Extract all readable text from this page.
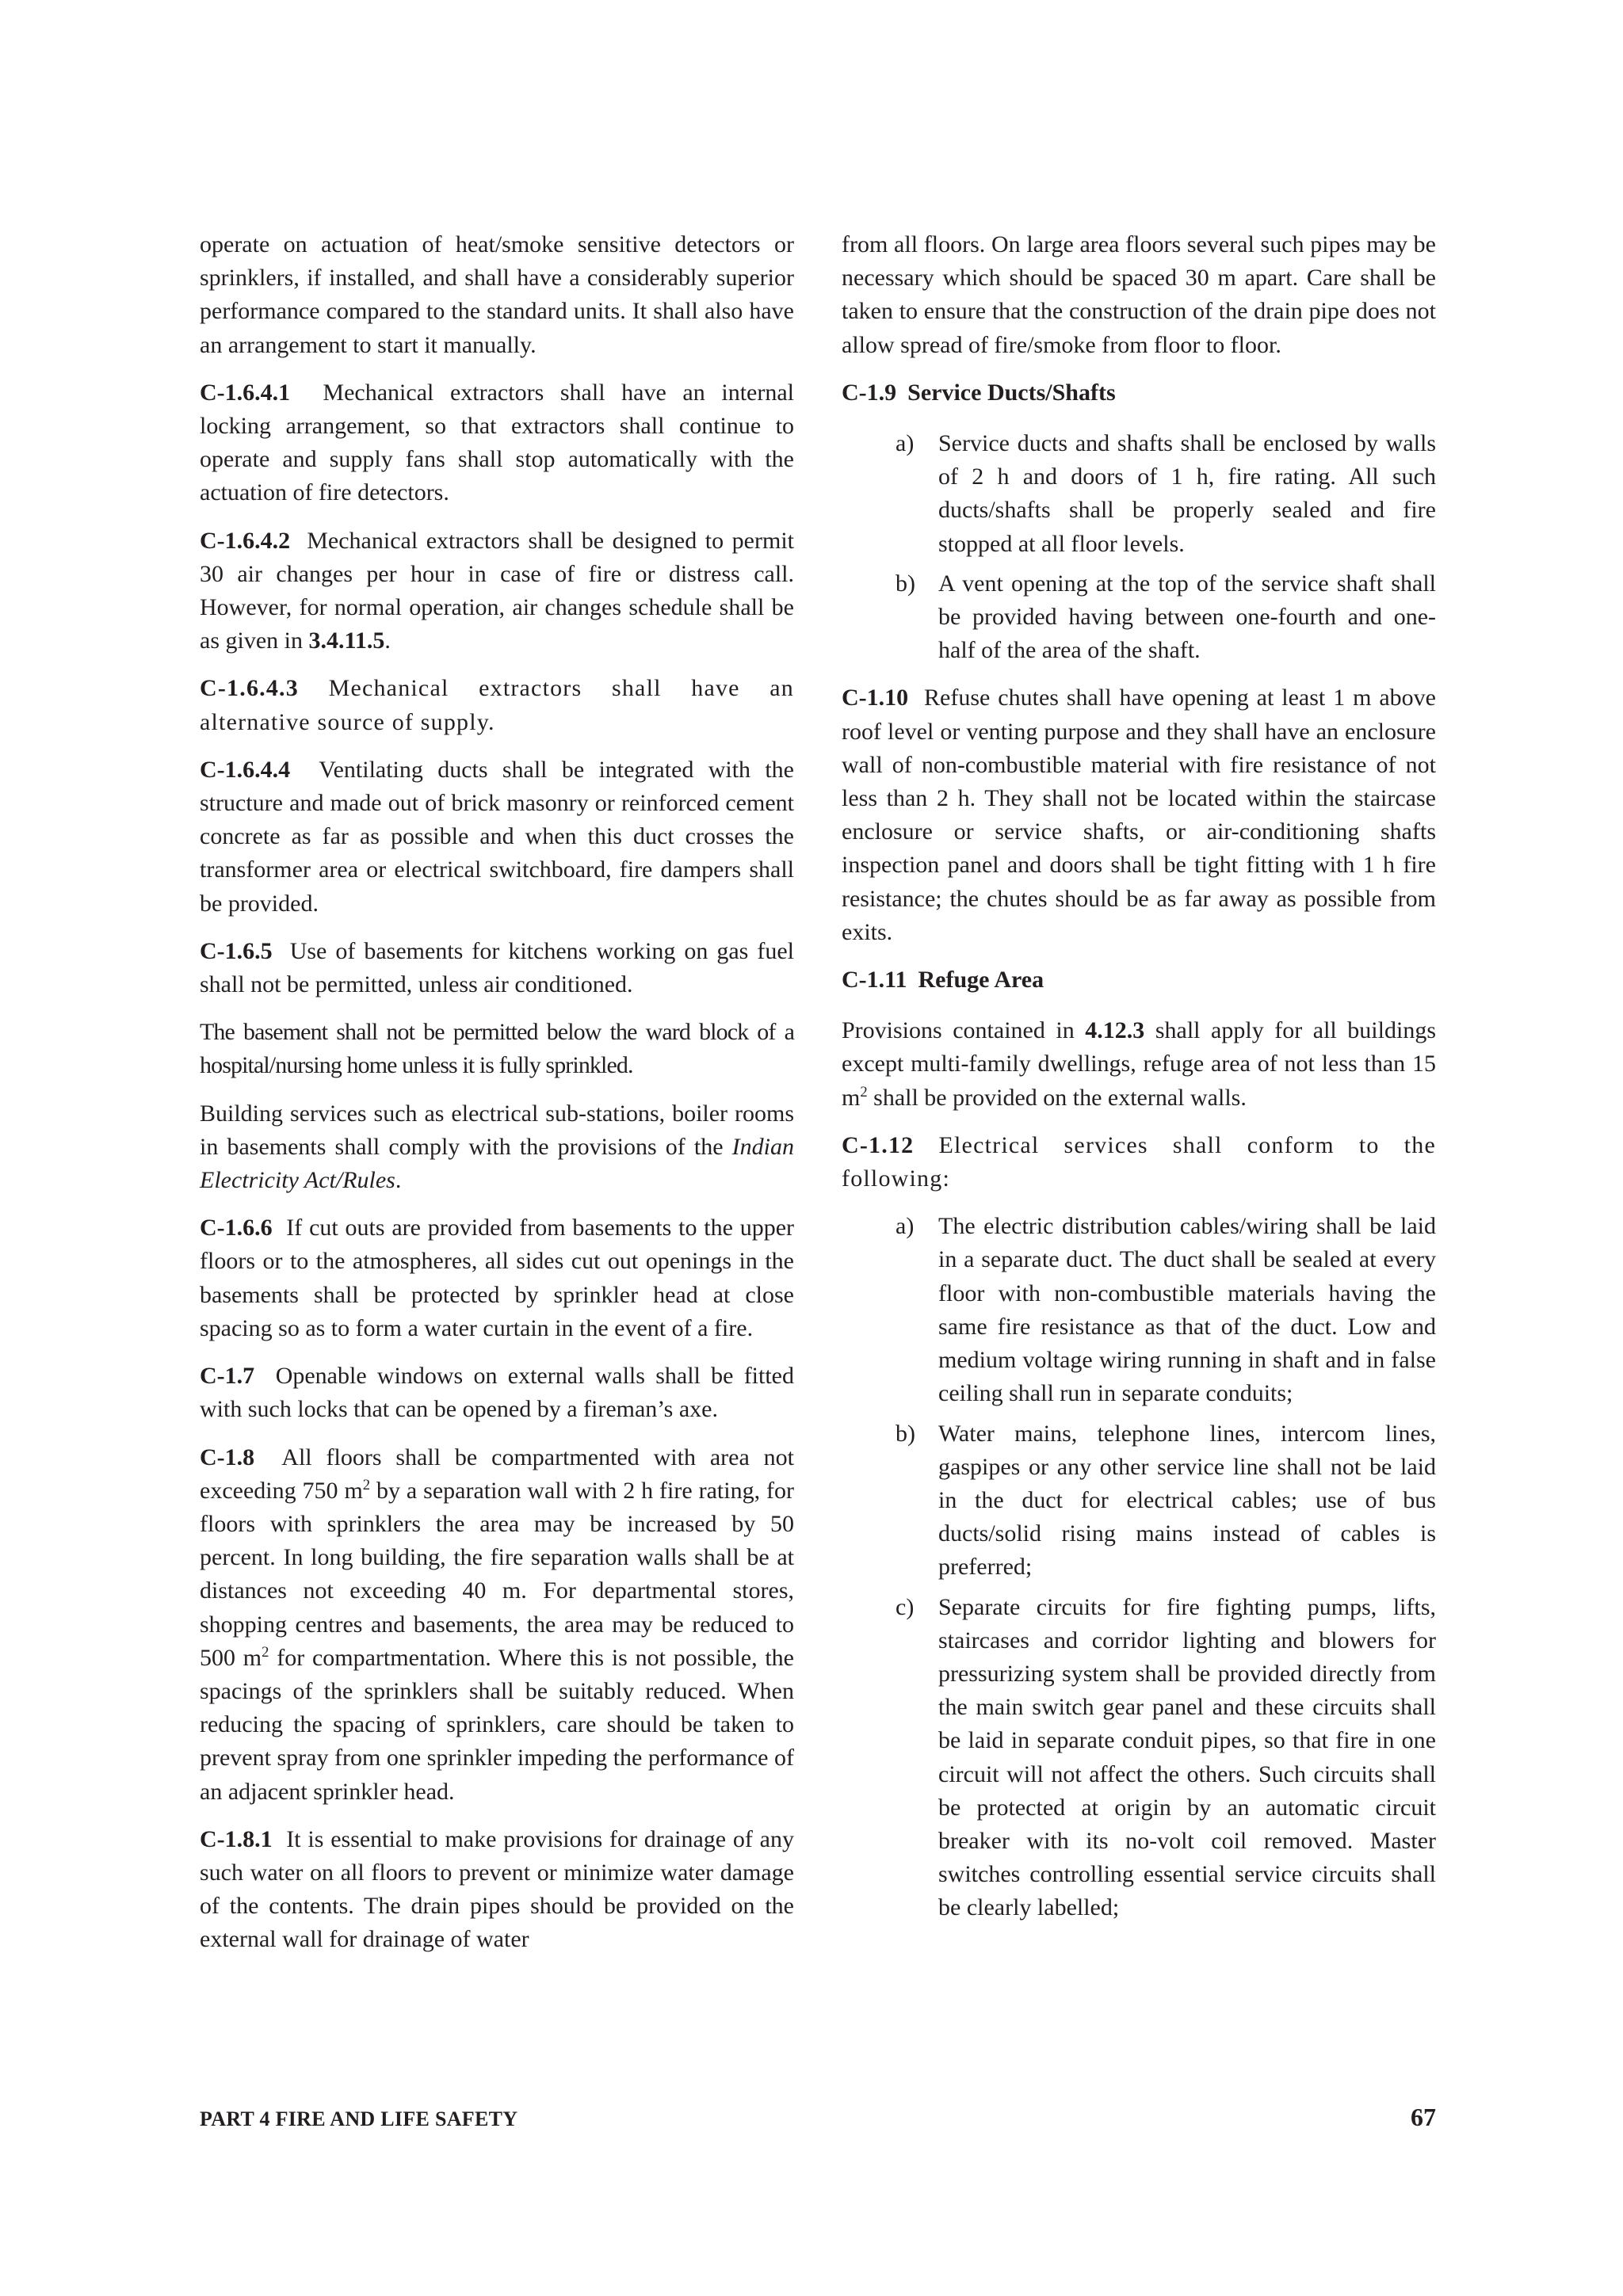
operate on actuation of heat/smoke sensitive detectors or sprinklers, if installed, and shall have a considerably superior performance compared to the standard units. It shall also have an arrangement to start it manually.

C-1.6.4.1 Mechanical extractors shall have an internal locking arrangement, so that extractors shall continue to operate and supply fans shall stop automatically with the actuation of fire detectors.

C-1.6.4.2 Mechanical extractors shall be designed to permit 30 air changes per hour in case of fire or distress call. However, for normal operation, air changes schedule shall be as given in 3.4.11.5.

C-1.6.4.3 Mechanical extractors shall have an alternative source of supply.

C-1.6.4.4 Ventilating ducts shall be integrated with the structure and made out of brick masonry or reinforced cement concrete as far as possible and when this duct crosses the transformer area or electrical switchboard, fire dampers shall be provided.

C-1.6.5 Use of basements for kitchens working on gas fuel shall not be permitted, unless air conditioned.

The basement shall not be permitted below the ward block of a hospital/nursing home unless it is fully sprinkled.

Building services such as electrical sub-stations, boiler rooms in basements shall comply with the provisions of the Indian Electricity Act/Rules.

C-1.6.6 If cut outs are provided from basements to the upper floors or to the atmospheres, all sides cut out openings in the basements shall be protected by sprinkler head at close spacing so as to form a water curtain in the event of a fire.

C-1.7 Openable windows on external walls shall be fitted with such locks that can be opened by a fireman’s axe.

C-1.8 All floors shall be compartmented with area not exceeding 750 $m^2$ by a separation wall with 2 h fire rating, for floors with sprinklers the area may be increased by 50 percent. In long building, the fire separation walls shall be at distances not exceeding 40 m. For departmental stores, shopping centres and basements, the area may be reduced to 500 $m^2$ for compartmentation. Where this is not possible, the spacings of the sprinklers shall be suitably reduced. When reducing the spacing of sprinklers, care should be taken to prevent spray from one sprinkler impeding the performance of an adjacent sprinkler head.

C-1.8.1 It is essential to make provisions for drainage of any such water on all floors to prevent or minimize water damage of the contents. The drain pipes should be provided on the external wall for drainage of water

from all floors. On large area floors several such pipes may be necessary which should be spaced 30 m apart. Care shall be taken to ensure that the construction of the drain pipe does not allow spread of fire/smoke from floor to floor.

C-1.9 Service Ducts/Shafts
a)	Service ducts and shafts shall be enclosed by walls of 2 h and doors of 1 h, fire rating. All such ducts/shafts shall be properly sealed and fire stopped at all floor levels.
b) A vent opening at the top of the service shaft shall be provided having between one-fourth and one-half of the area of the shaft.

C-1.10 Refuse chutes shall have opening at least 1 m above roof level or venting purpose and they shall have an enclosure wall of non-combustible material with fire resistance of not less than 2 h. They shall not be located within the staircase enclosure or service shafts, or air-conditioning shafts inspection panel and doors shall be tight fitting with 1 h fire resistance; the chutes should be as far away as possible from exits.

C-1.11 Refuge Area

Provisions contained in 4.12.3 shall apply for all buildings except multi-family dwellings, refuge area of not less than 15 $m^2$ shall be provided on the external walls.

C-1.12 Electrical services shall conform to the following:

a)	The electric distribution cables/wiring shall be laid in a separate duct. The duct shall be sealed at every floor with non-combustible materials having the same fire resistance as that of the duct. Low and medium voltage wiring running in shaft and in false ceiling shall run in separate conduits;
b) Water mains, telephone lines, intercom lines, gaspipes or any other service line shall not be laid in the duct for electrical cables; use of bus ducts/solid rising mains instead of cables is preferred;
c)	Separate circuits for fire fighting pumps, lifts, staircases and corridor lighting and blowers for pressurizing system shall be provided directly from the main switch gear panel and these circuits shall be laid in separate conduit pipes, so that fire in one circuit will not affect the others. Such circuits shall be protected at origin by an automatic circuit breaker with its no-volt coil removed. Master switches controlling essential service circuits shall be clearly labelled;
PART 4 FIRE AND LIFE SAFETY	67
